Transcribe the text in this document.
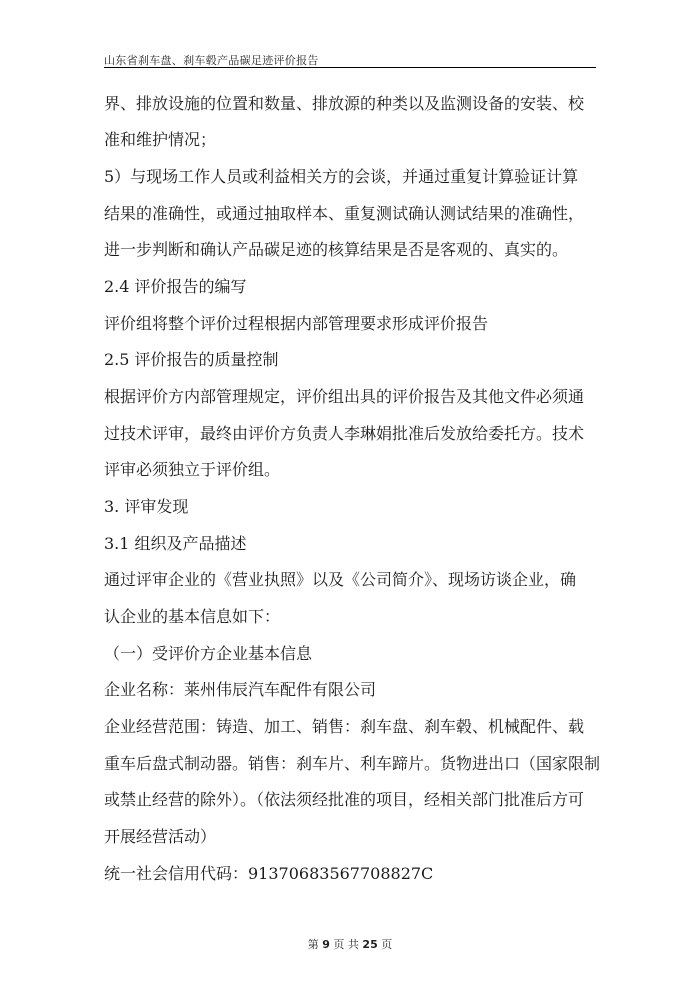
山东省刹车盘、刹车毂产品碳足迹评价报告
界、排放设施的位置和数量、排放源的种类以及监测设备的安装、校
准和维护情况；
5）与现场工作人员或利益相关方的会谈，并通过重复计算验证计算
结果的准确性，或通过抽取样本、重复测试确认测试结果的准确性，
进一步判断和确认产品碳足迹的核算结果是否是客观的、真实的。
2.4 评价报告的编写
评价组将整个评价过程根据内部管理要求形成评价报告
2.5 评价报告的质量控制
根据评价方内部管理规定，评价组出具的评价报告及其他文件必须通
过技术评审，最终由评价方负责人李琳娟批准后发放给委托方。技术
评审必须独立于评价组。
3. 评审发现
3.1 组织及产品描述
通过评审企业的《营业执照》以及《公司简介》、现场访谈企业，确
认企业的基本信息如下：
（一）受评价方企业基本信息
企业名称：莱州伟辰汽车配件有限公司
企业经营范围：铸造、加工、销售：刹车盘、刹车毂、机械配件、载
重车后盘式制动器。销售：刹车片、利车蹄片。货物进出口（国家限制
或禁止经营的除外）。（依法须经批准的项目，经相关部门批准后方可
开展经营活动）
统一社会信用代码：91370683567708827C
第 9 页 共 25 页
